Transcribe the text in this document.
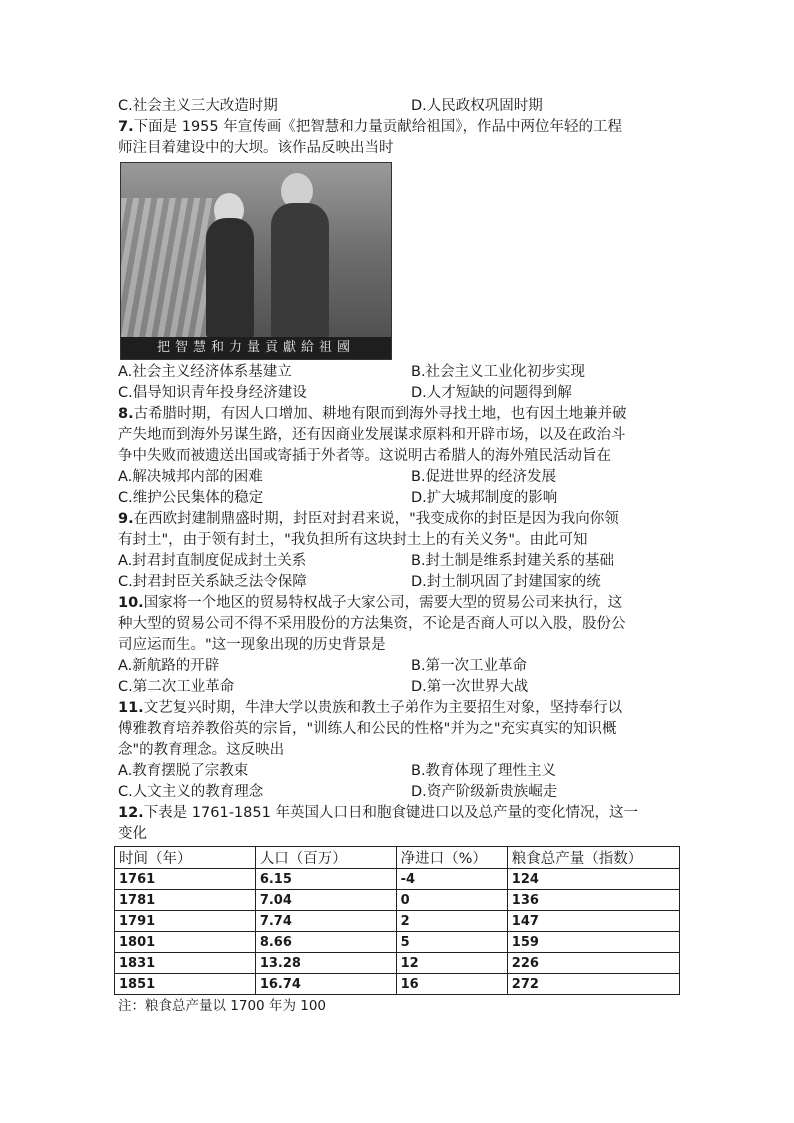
C.社会主义三大改造时期	D.人民政权巩固时期
7.下面是 1955 年宣传画《把智慧和力量贡献给祖国》，作品中两位年轻的工程
师注目着建设中的大坝。该作品反映出当时
把智慧和力量貢獻給祖國
A.社会主义经济体系基建立	B.社会主义工业化初步实现
C.倡导知识青年投身经济建设	D.人才短缺的问题得到解
8.古希腊时期，有因人口增加、耕地有限而到海外寻找土地，也有因土地兼并破
产失地而到海外另谋生路，还有因商业发展谋求原料和开辟市场，以及在政治斗
争中失败而被遗送出国或寄插于外者等。这说明古希腊人的海外殖民活动旨在
A.解决城邦内部的困难	B.促进世界的经济发展
C.维护公民集体的稳定	D.扩大城邦制度的影响
9.在西欧封建制鼎盛时期，封臣对封君来说，"我变成你的封臣是因为我向你领
有封土"，由于领有封土，"我负担所有这块封土上的有关义务"。由此可知
A.封君封直制度促成封土关系	B.封土制是维系封建关系的基础
C.封君封臣关系缺乏法令保障	D.封土制巩固了封建国家的统
10.国家将一个地区的贸易特权战子大家公司，需要大型的贸易公司来执行，这
种大型的贸易公司不得不采用股份的方法集资，不论是否商人可以入股，股份公
司应运而生。"这一现象出现的历史背景是
A.新航路的开辟	B.第一次工业革命
C.第二次工业革命	D.第一次世界大战
11.文艺复兴时期，牛津大学以贵族和教土子弟作为主要招生对象，坚持奉行以
傅雅教育培养教俗英的宗旨，"训练人和公民的性格"并为之"充实真实的知识概
念"的教育理念。这反映出
A.教育摆脱了宗教束	B.教育体现了理性主义
C.人文主义的教育理念	D.资产阶级新贵族崛走
12.下表是 1761-1851 年英国人口日和胞食键进口以及总产量的变化情况，这一
变化
时间（年）	人口（百万）	净进口（%）	粮食总产量（指数）
1761	6.15	-4	124
1781	7.04	0	136
1791	7.74	2	147
1801	8.66	5	159
1831	13.28	12	226
1851	16.74	16	272
注：粮食总产量以 1700 年为 100
